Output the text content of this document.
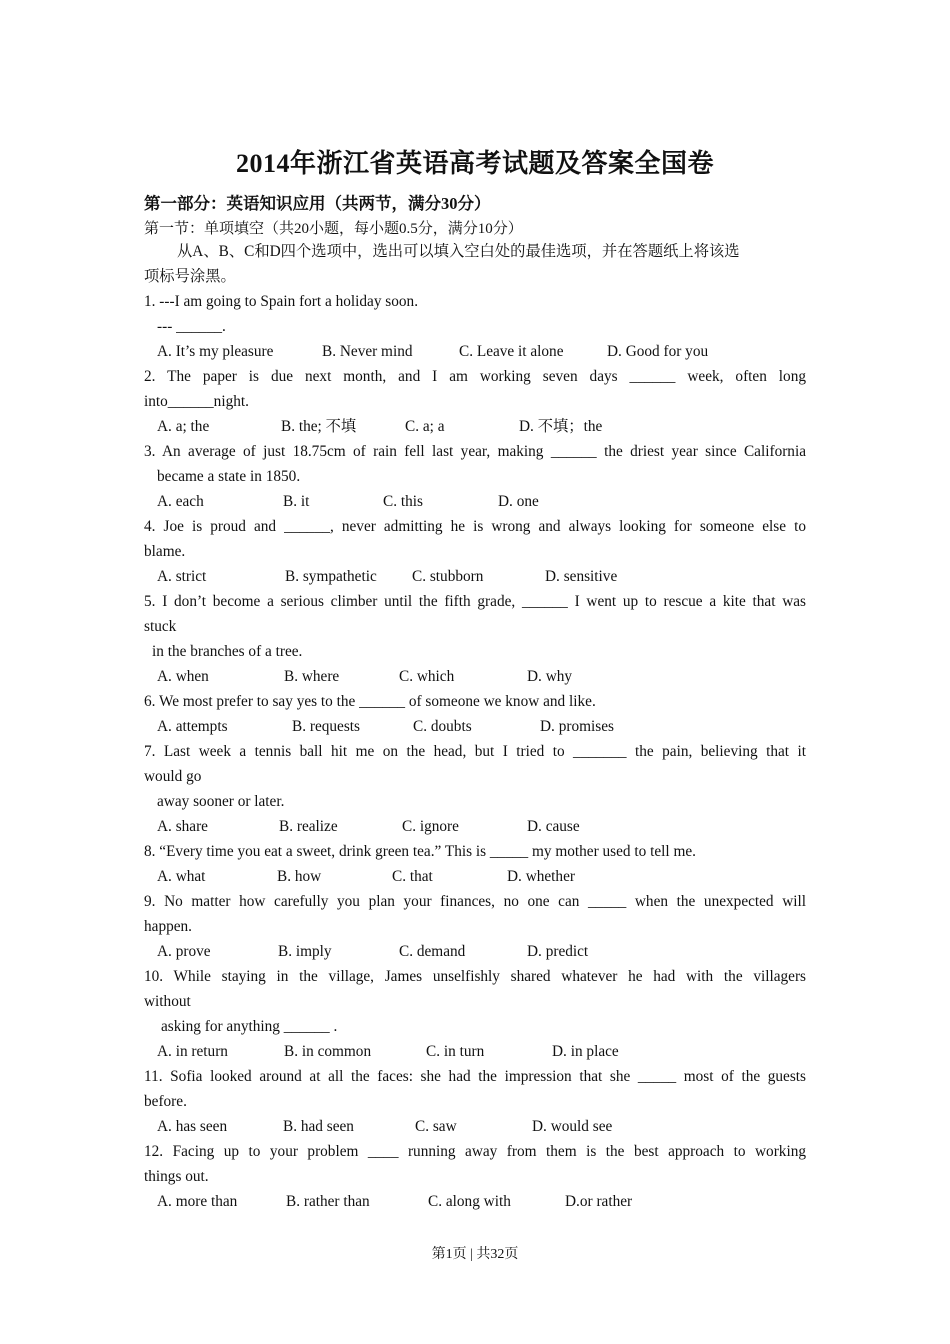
2014年浙江省英语高考试题及答案全国卷
第一部分：英语知识应用（共两节，满分30分）
第一节：单项填空（共20小题，每小题0.5分，满分10分）
从A、B、C和D四个选项中，选出可以填入空白处的最佳选项，并在答题纸上将该选
项标号涂黑。
1. ---I am going to Spain fort a holiday soon.
--- ______.
A. It’s my pleasure	B. Never mind	C. Leave it alone	D. Good for you
2. The paper is due next month, and I am working seven days ______ week, often long
into______night.
A. a; the	B. the; 不填	C. a; a	D. 不填；the
3. An average of just 18.75cm of rain fell last year, making ______ the driest year since California
became a state in 1850.
A. each	B. it	C. this	D. one
4. Joe is proud and ______, never admitting he is wrong and always looking for someone else to
blame.
A. strict	B. sympathetic C. stubborn	D. sensitive
5. I don’t become a serious climber until the fifth grade, ______ I went up to rescue a kite that was
stuck
in the branches of a tree.
A. when	B. where	C. which	D. why
6. We most prefer to say yes to the ______ of someone we know and like.
A. attempts	B. requests	C. doubts	D. promises
7. Last week a tennis ball hit me on the head, but I tried to _______ the pain, believing that it
would go
away sooner or later.
A. share	B. realize	C. ignore	D. cause
8. “Every time you eat a sweet, drink green tea.” This is _____ my mother used to tell me.
A. what	B. how	C. that	D. whether
9. No matter how carefully you plan your finances, no one can _____ when the unexpected will
happen.
A. prove	B. imply	C. demand	D. predict
10. While staying in the village, James unselfishly shared whatever he had with the villagers
without
asking for anything ______ .
A. in return	B. in common	C. in turn	D. in place
11. Sofia looked around at all the faces: she had the impression that she _____ most of the guests
before.
A. has seen	B. had seen	C. saw	D. would see
12. Facing up to your problem ____ running away from them is the best approach to working
things out.
A. more than	B. rather than	C. along with	D.or rather
第1页 | 共32页
